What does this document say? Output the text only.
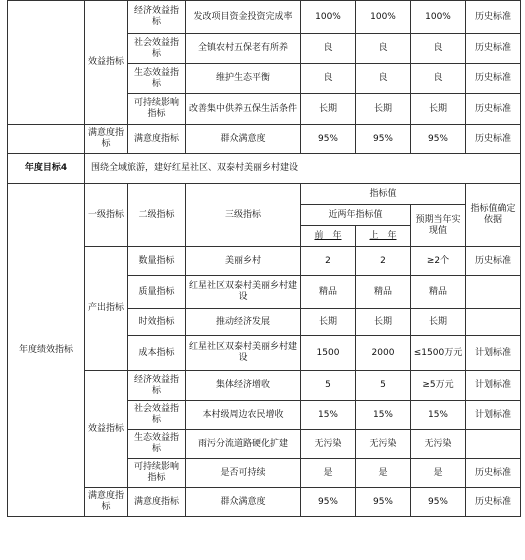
	效益指标	经济效益指标	发改项目资金投资完成率	100%	100%	100%	历史标准
		社会效益指标	全镇农村五保老有所养	良	良	良	历史标准
		生态效益指标	维护生态平衡	良	良	良	历史标准
		可持续影响指标	改善集中供养五保生活条件	长期	长期	长期	历史标准
	满意度指标	满意度指标	群众满意度	95%	95%	95%	历史标准
年度目标4	围绕全域旅游，建好红星社区、双泰村美丽乡村建设						
年度绩效指标	一级指标	二级指标	三级指标	指标值			指标值确定依据
				近两年指标值		预期当年实现值	
				前　年	上　年		
	产出指标	数量指标	美丽乡村	2	2	≥2个	历史标准
		质量指标	红星社区双泰村美丽乡村建设	精品	精品	精品	
		时效指标	推动经济发展	长期	长期	长期	
		成本指标	红星社区双泰村美丽乡村建设	1500	2000	≤1500万元	计划标准
	效益指标	经济效益指标	集体经济增收	5	5	≥5万元	计划标准
		社会效益指标	本村级周边农民增收	15%	15%	15%	计划标准
		生态效益指标	雨污分流道路硬化扩建	无污染	无污染	无污染	
		可持续影响指标	是否可持续	是	是	是	历史标准
	满意度指标	满意度指标	群众满意度	95%	95%	95%	历史标准
